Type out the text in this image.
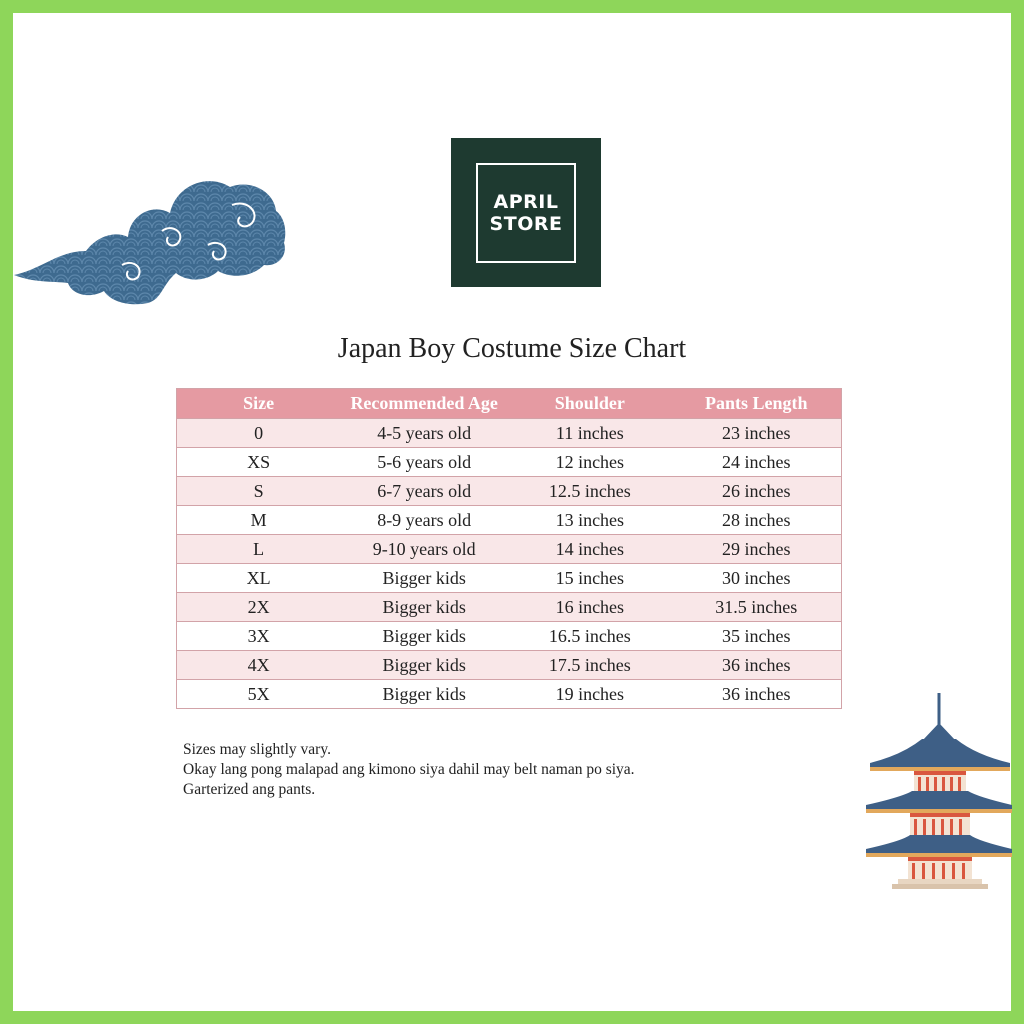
APRIL
STORE
Japan Boy Costume Size Chart
Size	Recommended Age	Shoulder	Pants Length
0	4-5 years old	11 inches	23 inches
XS	5-6 years old	12 inches	24 inches
S	6-7 years old	12.5 inches	26 inches
M	8-9 years old	13 inches	28 inches
L	9-10 years old	14 inches	29 inches
XL	Bigger kids	15 inches	30 inches
2X	Bigger kids	16 inches	31.5 inches
3X	Bigger kids	16.5 inches	35 inches
4X	Bigger kids	17.5 inches	36 inches
5X	Bigger kids	19 inches	36 inches
Sizes may slightly vary.
Okay lang pong malapad ang kimono siya dahil may belt naman po siya.
Garterized ang pants.
